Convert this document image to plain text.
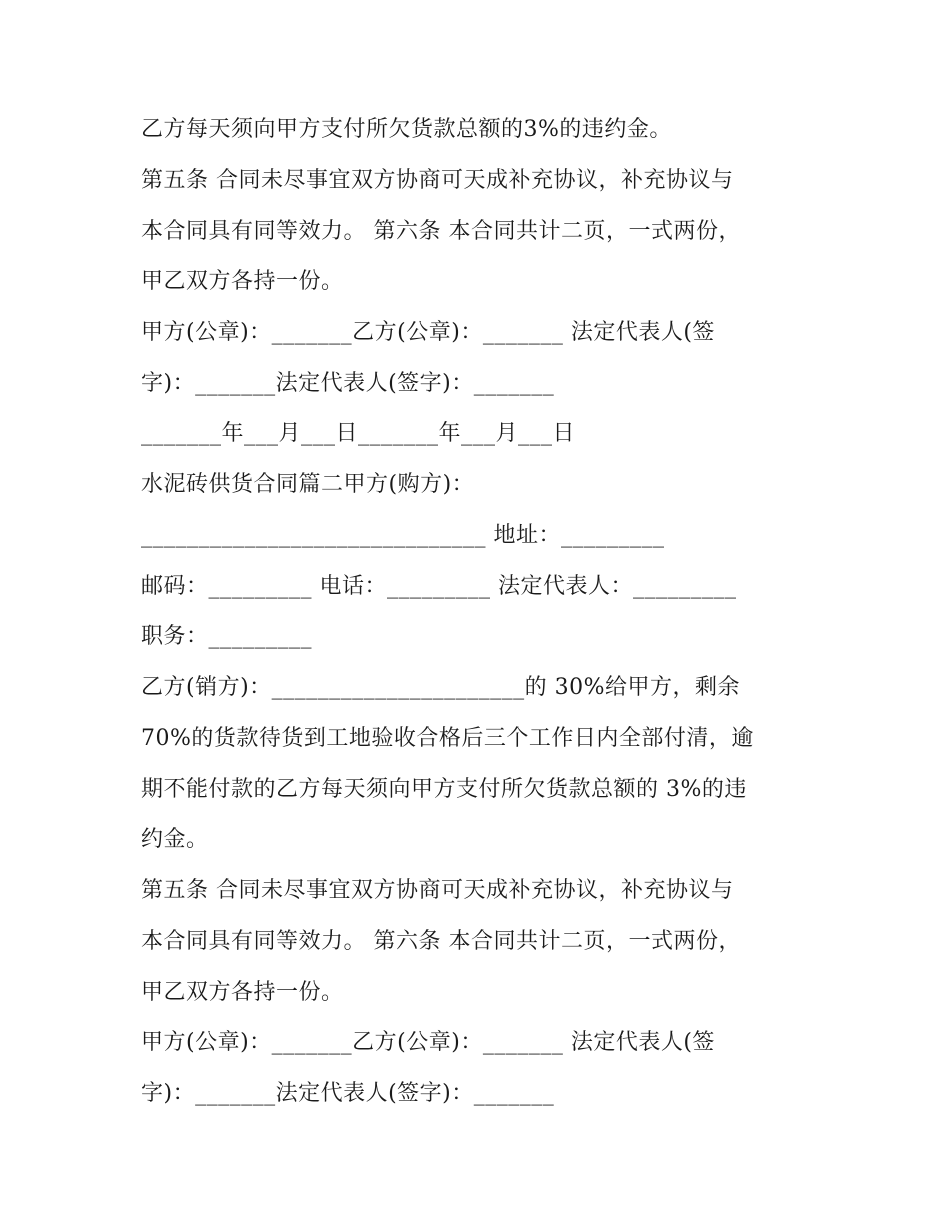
乙方每天须向甲方支付所欠货款总额的3%的违约金。

第五条 合同未尽事宜双方协商可天成补充协议，补充协议与

本合同具有同等效力。 第六条 本合同共计二页，一式两份，

甲乙双方各持一份。

甲方(公章)：_______乙方(公章)：_______ 法定代表人(签

字)：_______法定代表人(签字)：_______

_______年___月___日_______年___月___日

水泥砖供货合同篇二甲方(购方)：

______________________________ 地址：_________

邮码：_________ 电话：_________ 法定代表人：_________

职务：_________

乙方(销方)：______________________的 30%给甲方，剩余

70%的货款待货到工地验收合格后三个工作日内全部付清，逾

期不能付款的乙方每天须向甲方支付所欠货款总额的 3%的违

约金。

第五条 合同未尽事宜双方协商可天成补充协议，补充协议与

本合同具有同等效力。 第六条 本合同共计二页，一式两份，

甲乙双方各持一份。

甲方(公章)：_______乙方(公章)：_______ 法定代表人(签

字)：_______法定代表人(签字)：_______
